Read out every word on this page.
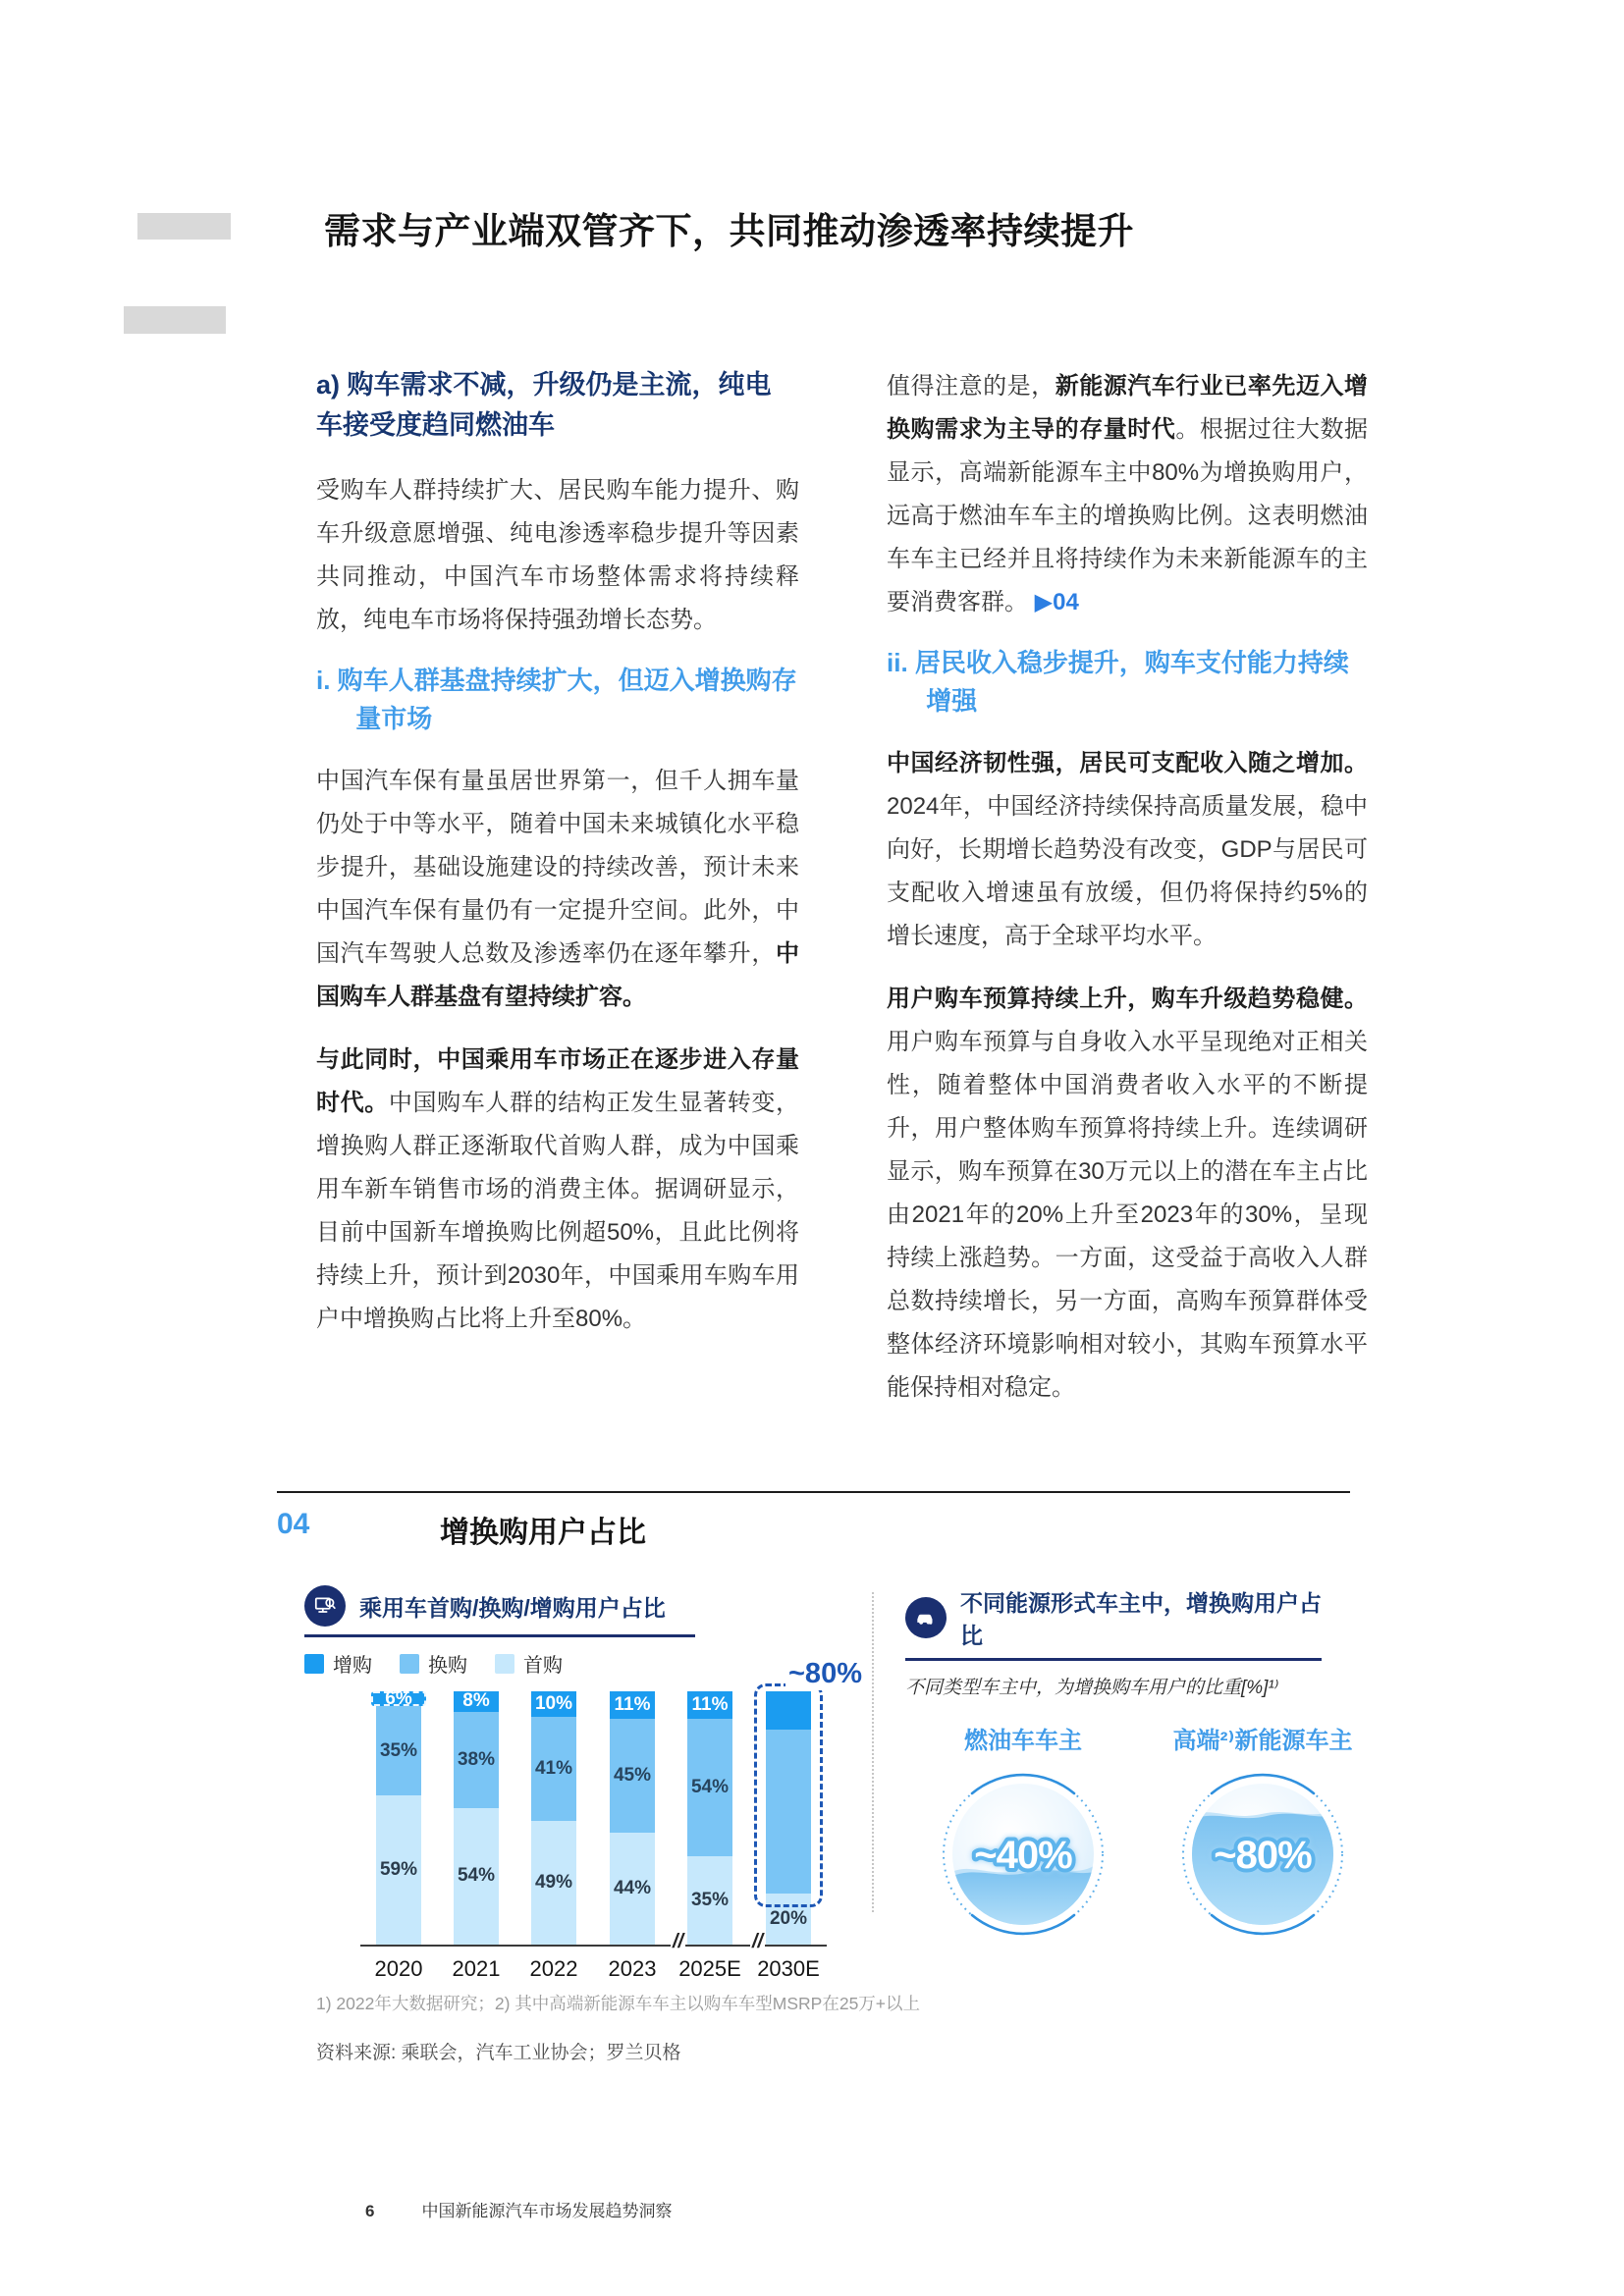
需求与产业端双管齐下，共同推动渗透率持续提升
a) 购车需求不减，升级仍是主流，纯电车接受度趋同燃油车

受购车人群持续扩大、居民购车能力提升、购车升级意愿增强、纯电渗透率稳步提升等因素共同推动，中国汽车市场整体需求将持续释放，纯电车市场将保持强劲增长态势。

i. 购车人群基盘持续扩大，但迈入增换购存量市场

中国汽车保有量虽居世界第一，但千人拥车量仍处于中等水平，随着中国未来城镇化水平稳步提升，基础设施建设的持续改善，预计未来中国汽车保有量仍有一定提升空间。此外，中国汽车驾驶人总数及渗透率仍在逐年攀升，中国购车人群基盘有望持续扩容。

与此同时，中国乘用车市场正在逐步进入存量时代。中国购车人群的结构正发生显著转变，增换购人群正逐渐取代首购人群，成为中国乘用车新车销售市场的消费主体。据调研显示，目前中国新车增换购比例超50%，且此比例将持续上升，预计到2030年，中国乘用车购车用户中增换购占比将上升至80%。

值得注意的是，新能源汽车行业已率先迈入增换购需求为主导的存量时代。根据过往大数据显示，高端新能源车主中80%为增换购用户，远高于燃油车车主的增换购比例。这表明燃油车车主已经并且将持续作为未来新能源车的主要消费客群。 ▶04

ii. 居民收入稳步提升，购车支付能力持续增强

中国经济韧性强，居民可支配收入随之增加。2024年，中国经济持续保持高质量发展，稳中向好，长期增长趋势没有改变，GDP与居民可支配收入增速虽有放缓，但仍将保持约5%的增长速度，高于全球平均水平。

用户购车预算持续上升，购车升级趋势稳健。用户购车预算与自身收入水平呈现绝对正相关性，随着整体中国消费者收入水平的不断提升，用户整体购车预算将持续上升。连续调研显示，购车预算在30万元以上的潜在车主占比由2021年的20%上升至2023年的30%，呈现持续上涨趋势。一方面，这受益于高收入人群总数持续增长，另一方面，高购车预算群体受整体经济环境影响相对较小，其购车预算水平能保持相对稳定。

04	增换购用户占比
乘用车首购/换购/增购用户占比
增购	换购	首购
6%
35%
59%
2020
8%
38%
54%
2021
10%
41%
49%
2022
11%
45%
44%
2023
11%
54%
35%
2025E
20%
2030E
//	//
~80%
不同能源形式车主中，增换购用户占比
不同类型车主中，为增换购车用户的比重[%]¹⁾
燃油车车主
~40%
高端²⁾新能源车主
~80%
1) 2022年大数据研究；2) 其中高端新能源车车主以购车车型MSRP在25万+以上
资料来源: 乘联会，汽车工业协会；罗兰贝格
6	中国新能源汽车市场发展趋势洞察
